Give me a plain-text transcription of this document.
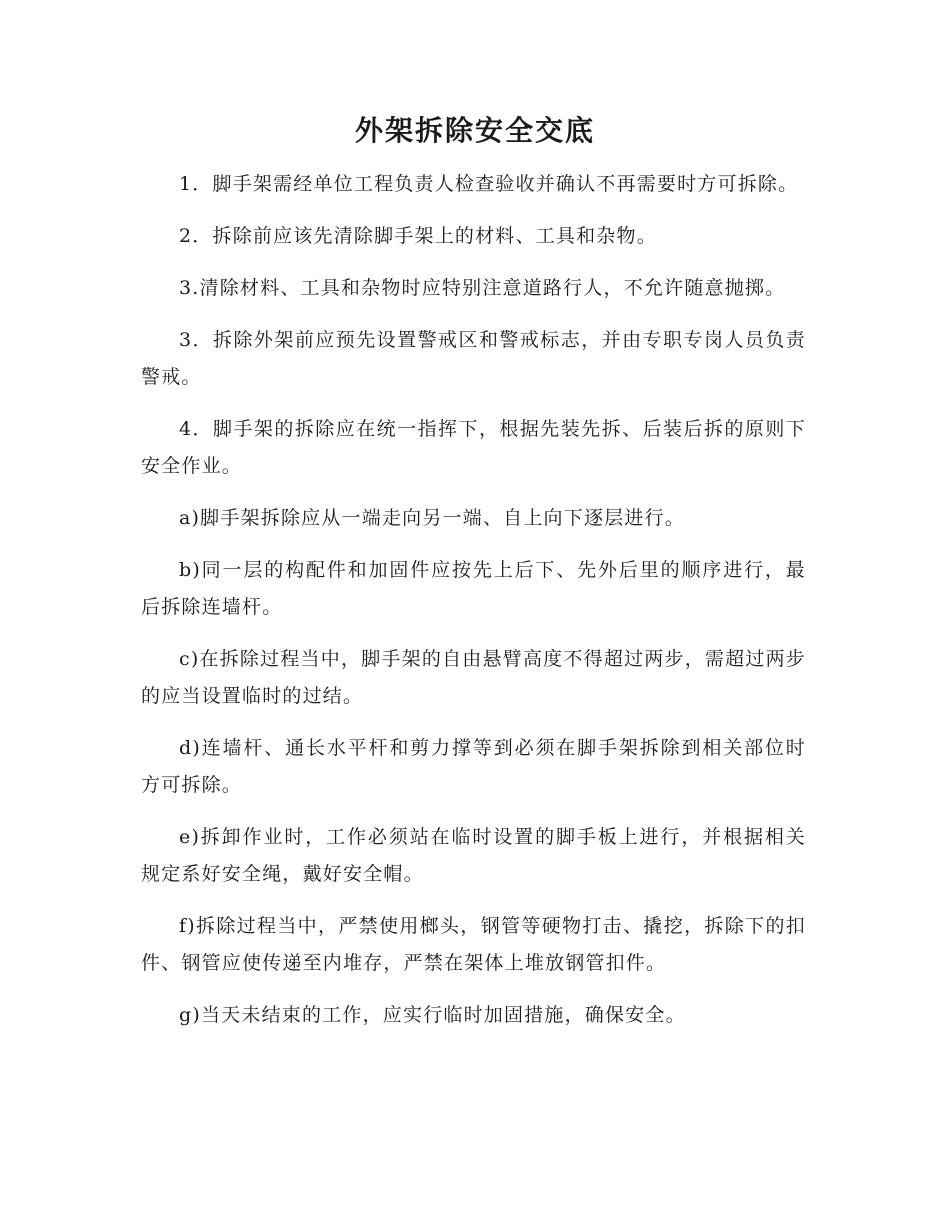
外架拆除安全交底

1．脚手架需经单位工程负责人检查验收并确认不再需要时方可拆除。

2．拆除前应该先清除脚手架上的材料、工具和杂物。

3.清除材料、工具和杂物时应特别注意道路行人，不允许随意抛掷。

3．拆除外架前应预先设置警戒区和警戒标志，并由专职专岗人员负责警戒。

4．脚手架的拆除应在统一指挥下，根据先装先拆、后装后拆的原则下安全作业。

a)脚手架拆除应从一端走向另一端、自上向下逐层进行。

b)同一层的构配件和加固件应按先上后下、先外后里的顺序进行，最后拆除连墙杆。

c)在拆除过程当中，脚手架的自由悬臂高度不得超过两步，需超过两步的应当设置临时的过结。

d)连墙杆、通长水平杆和剪力撑等到必须在脚手架拆除到相关部位时方可拆除。

e)拆卸作业时，工作必须站在临时设置的脚手板上进行，并根据相关规定系好安全绳，戴好安全帽。

f)拆除过程当中，严禁使用榔头，钢管等硬物打击、撬挖，拆除下的扣件、钢管应使传递至内堆存，严禁在架体上堆放钢管扣件。

g)当天未结束的工作，应实行临时加固措施，确保安全。
